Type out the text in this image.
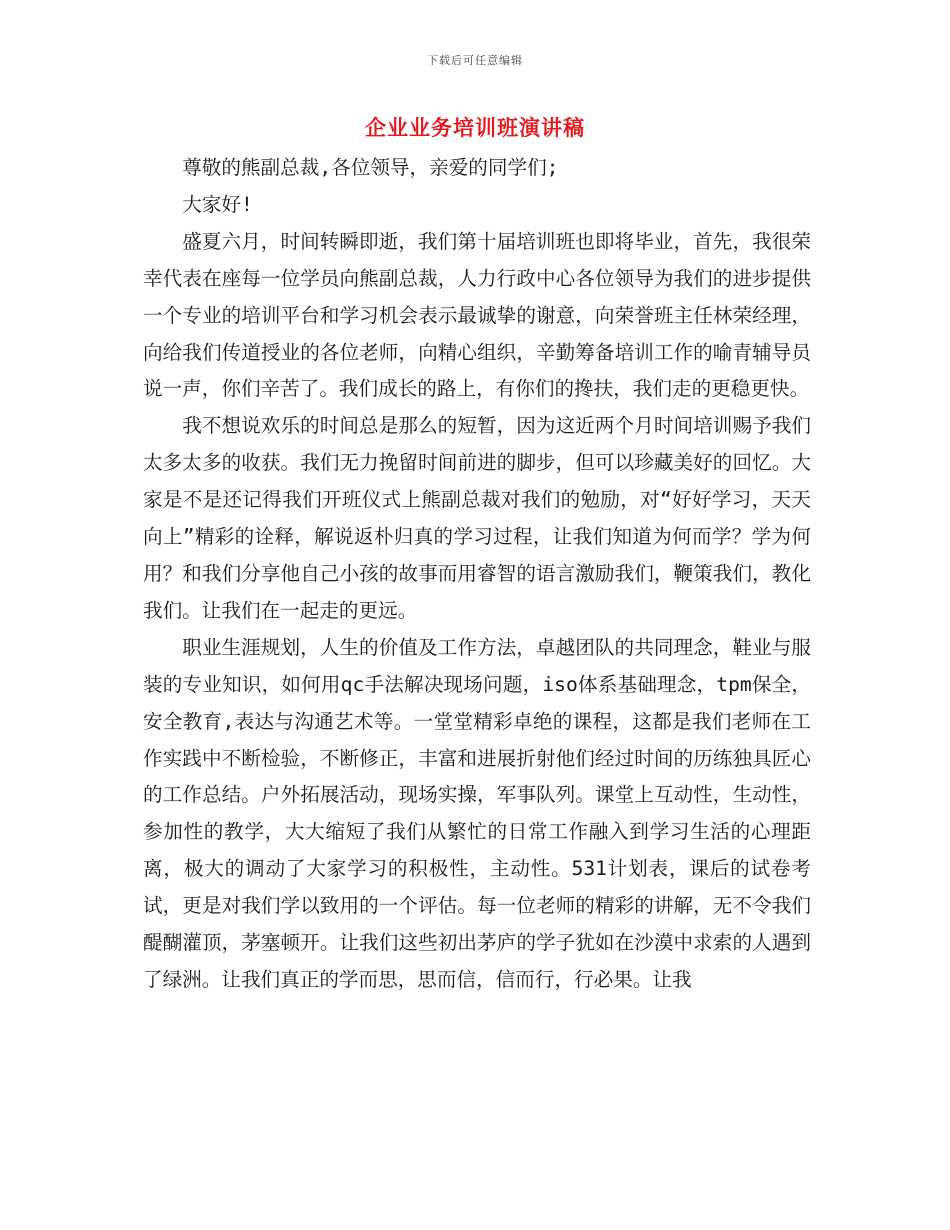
下载后可任意编辑
企业业务培训班演讲稿

尊敬的熊副总裁,各位领导，亲爱的同学们;

大家好!

盛夏六月，时间转瞬即逝，我们第十届培训班也即将毕业，首先，我很荣幸代表在座每一位学员向熊副总裁，人力行政中心各位领导为我们的进步提供一个专业的培训平台和学习机会表示最诚挚的谢意，向荣誉班主任林荣经理，向给我们传道授业的各位老师，向精心组织，辛勤筹备培训工作的喻青辅导员说一声，你们辛苦了。我们成长的路上，有你们的搀扶，我们走的更稳更快。

我不想说欢乐的时间总是那么的短暂，因为这近两个月时间培训赐予我们太多太多的收获。我们无力挽留时间前进的脚步，但可以珍藏美好的回忆。大家是不是还记得我们开班仪式上熊副总裁对我们的勉励，对“好好学习，天天向上”精彩的诠释，解说返朴归真的学习过程，让我们知道为何而学？学为何用？和我们分享他自己小孩的故事而用睿智的语言激励我们，鞭策我们，教化我们。让我们在一起走的更远。

职业生涯规划，人生的价值及工作方法，卓越团队的共同理念，鞋业与服装的专业知识，如何用qc手法解决现场问题，iso体系基础理念，tpm保全，安全教育,表达与沟通艺术等。一堂堂精彩卓绝的课程，这都是我们老师在工作实践中不断检验，不断修正，丰富和进展折射他们经过时间的历练独具匠心的工作总结。户外拓展活动，现场实操，军事队列。课堂上互动性，生动性，参加性的教学，大大缩短了我们从繁忙的日常工作融入到学习生活的心理距离，极大的调动了大家学习的积极性，主动性。531计划表，课后的试卷考试，更是对我们学以致用的一个评估。每一位老师的精彩的讲解，无不令我们醍醐灌顶，茅塞顿开。让我们这些初出茅庐的学子犹如在沙漠中求索的人遇到了绿洲。让我们真正的学而思，思而信，信而行，行必果。让我
